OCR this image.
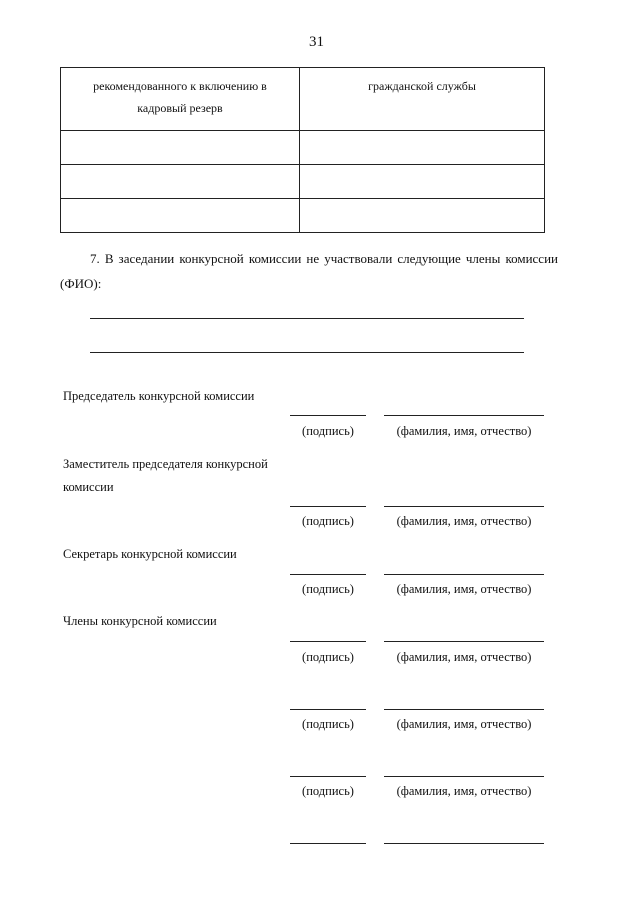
31
рекомендованного к включению в кадровый резерв	гражданской службы

7. В заседании конкурсной комиссии не участвовали следующие члены комиссии (ФИО):
Председатель конкурсной комиссии
(подпись)	(фамилия, имя, отчество)
Заместитель председателя конкурсной комиссии
(подпись)	(фамилия, имя, отчество)
Секретарь конкурсной комиссии
(подпись)	(фамилия, имя, отчество)
Члены конкурсной комиссии
(подпись)	(фамилия, имя, отчество)
(подпись)	(фамилия, имя, отчество)
(подпись)	(фамилия, имя, отчество)
